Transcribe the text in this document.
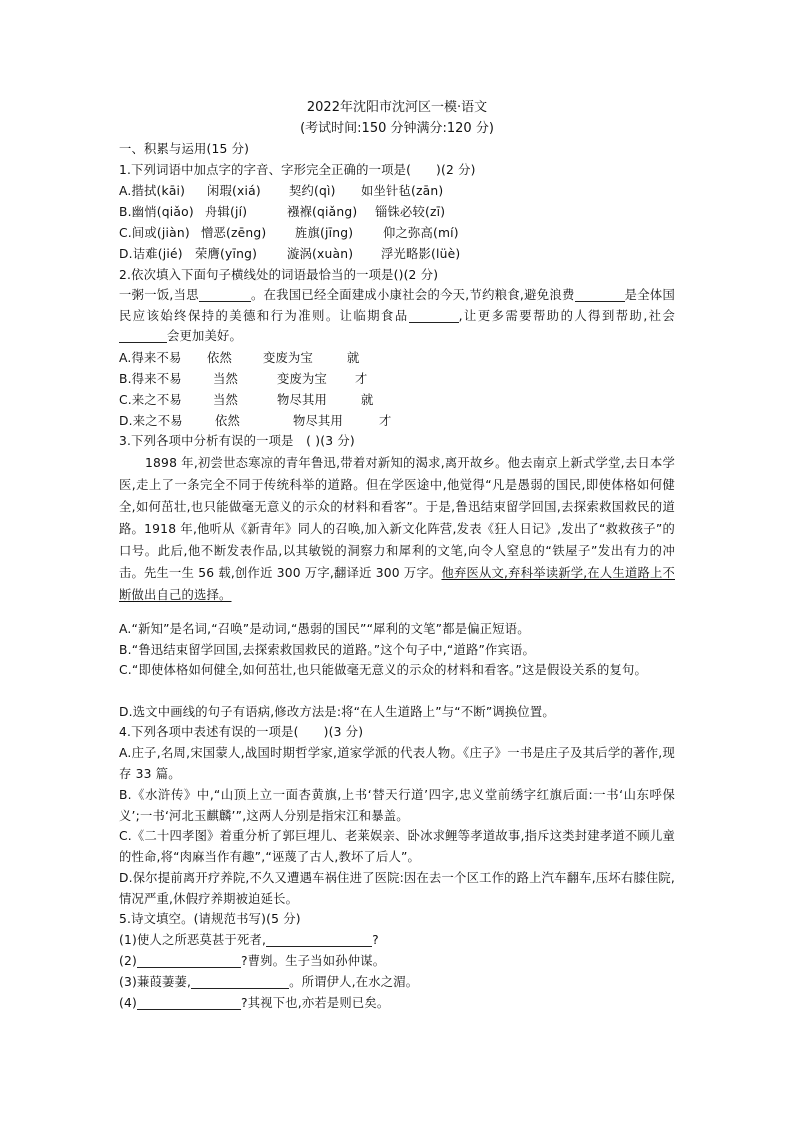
2022年沈阳市沈河区一模·语文
(考试时间:150 分钟满分:120 分)
一、积累与运用(15 分)
1.下列词语中加点字的字音、字形完全正确的一项是(　　)(2 分)
A.揩拭(kāi) 闲瑕(xiá) 契约(qì) 如坐针毡(zān)
B.幽悄(qiǎo) 舟辑(jí)	襁褓(qiǎng) 锱铢必较(zī)
C.间或(jiàn) 憎恶(zēng) 旌旗(jīng) 仰之弥高(mí)
D.诘难(jié) 荣膺(yīng) 漩涡(xuàn) 浮光略影(lüè)
2.依次填入下面句子横线处的词语最恰当的一项是()(2 分)
一粥一饭,当思	。在我国已经全面建成小康社会的今天,节约粮食,避免浪费	是全体国民应该始终保持的美德和行为准则。让临期食品	,让更多需要帮助的人得到帮助,社会会更加美好。
A.得来不易 依然	变废为宝	就
B.得来不易	当然	变废为宝 才
C.来之不易	当然	物尽其用	就
D.来之不易	依然	物尽其用	才
3.下列各项中分析有误的一项是　( )(3 分)
1898 年,初尝世态寒凉的青年鲁迅,带着对新知的渴求,离开故乡。他去南京上新式学堂,去日本学医,走上了一条完全不同于传统科举的道路。但在学医途中,他觉得“凡是愚弱的国民,即使体格如何健全,如何茁壮,也只能做毫无意义的示众的材料和看客”。于是,鲁迅结束留学回国,去探索救国救民的道路。1918 年,他听从《新青年》同人的召唤,加入新文化阵营,发表《狂人日记》,发出了“救救孩子”的口号。此后,他不断发表作品,以其敏锐的洞察力和犀利的文笔,向令人窒息的“铁屋子”发出有力的冲击。先生一生 56 载,创作近 300 万字,翻译近 300 万字。他弃医从文,弃科举读新学,在人生道路上不断做出自己的选择。
A.“新知”是名词,“召唤”是动词,“愚弱的国民”“犀利的文笔”都是偏正短语。
B.“鲁迅结束留学回国,去探索救国救民的道路。”这个句子中,“道路”作宾语。
C.“即使体格如何健全,如何茁壮,也只能做毫无意义的示众的材料和看客。”这是假设关系的复句。
D.选文中画线的句子有语病,修改方法是:将“在人生道路上”与“不断”调换位置。
4.下列各项中表述有误的一项是(　　)(3 分)
A.庄子,名周,宋国蒙人,战国时期哲学家,道家学派的代表人物。《庄子》一书是庄子及其后学的著作,现存 33 篇。
B.《水浒传》中,“山顶上立一面杏黄旗,上书‘替天行道’四字,忠义堂前绣字红旗后面:一书‘山东呼保义’;一书‘河北玉麒麟’”,这两人分别是指宋江和暴盖。
C.《二十四孝图》着重分析了郭巨埋儿、老莱娱亲、卧冰求鲤等孝道故事,指斥这类封建孝道不顾儿童的性命,将“肉麻当作有趣”,“诬蔑了古人,教坏了后人”。
D.保尔提前离开疗养院,不久又遭遇车祸住进了医院:因在去一个区工作的路上汽车翻车,压坏右膝住院,情况严重,休假疗养期被迫延长。
5.诗文填空。(请规范书写)(5 分)
(1)使人之所恶莫甚于死者,	?
(2)	?曹刿。生子当如孙仲谋。
(3)蒹葭萋萋,	。所谓伊人,在水之湄。
(4)	?其视下也,亦若是则已矣。
